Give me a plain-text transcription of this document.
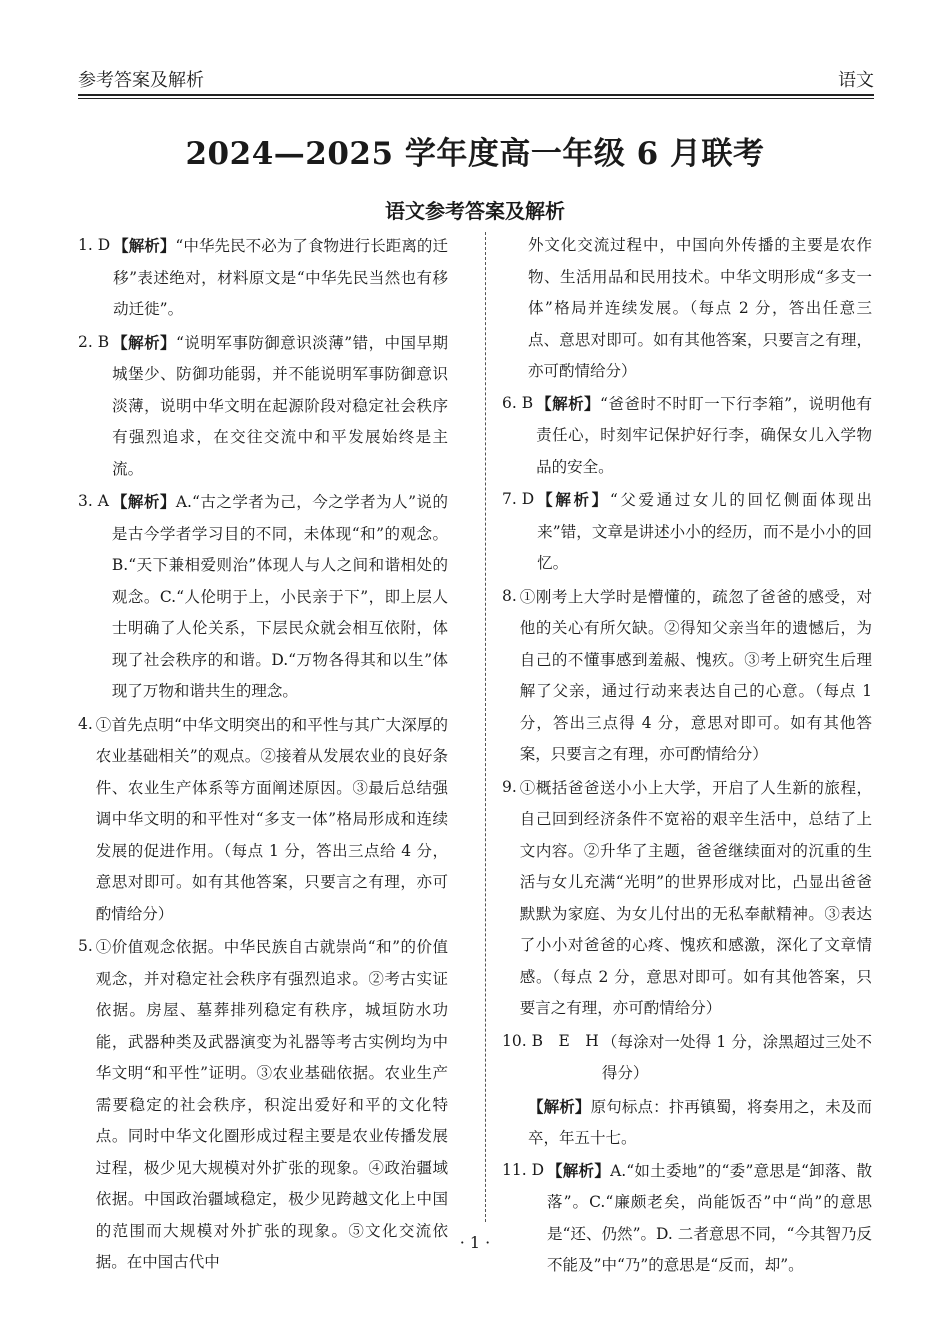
参考答案及解析	语文
2024—2025 学年度高一年级 6 月联考
语文参考答案及解析
1. D 【解析】“中华先民不必为了食物进行长距离的迁移”表述绝对，材料原文是“中华先民当然也有移动迁徙”。
2. B 【解析】“说明军事防御意识淡薄”错，中国早期城堡少、防御功能弱，并不能说明军事防御意识淡薄，说明中华文明在起源阶段对稳定社会秩序有强烈追求，在交往交流中和平发展始终是主流。
3. A 【解析】A.“古之学者为己，今之学者为人”说的是古今学者学习目的不同，未体现“和”的观念。B.“天下兼相爱则治”体现人与人之间和谐相处的观念。C.“人伦明于上，小民亲于下”，即上层人士明确了人伦关系，下层民众就会相互依附，体现了社会秩序的和谐。D.“万物各得其和以生”体现了万物和谐共生的理念。
4. ①首先点明“中华文明突出的和平性与其广大深厚的农业基础相关”的观点。②接着从发展农业的良好条件、农业生产体系等方面阐述原因。③最后总结强调中华文明的和平性对“多支一体”格局形成和连续发展的促进作用。（每点 1 分，答出三点给 4 分，意思对即可。如有其他答案，只要言之有理，亦可酌情给分）
5. ①价值观念依据。中华民族自古就崇尚“和”的价值观念，并对稳定社会秩序有强烈追求。②考古实证依据。房屋、墓葬排列稳定有秩序，城垣防水功能，武器种类及武器演变为礼器等考古实例均为中华文明“和平性”证明。③农业基础依据。农业生产需要稳定的社会秩序，积淀出爱好和平的文化特点。同时中华文化圈形成过程主要是农业传播发展过程，极少见大规模对外扩张的现象。④政治疆域依据。中国政治疆域稳定，极少见跨越文化上中国的范围而大规模对外扩张的现象。⑤文化交流依据。在中国古代中
外文化交流过程中，中国向外传播的主要是农作物、生活用品和民用技术。中华文明形成“多支一体”格局并连续发展。（每点 2 分，答出任意三点、意思对即可。如有其他答案，只要言之有理，亦可酌情给分）
6. B 【解析】“爸爸时不时盯一下行李箱”，说明他有责任心，时刻牢记保护好行李，确保女儿入学物品的安全。
7. D 【解析】“父爱通过女儿的回忆侧面体现出来”错，文章是讲述小小的经历，而不是小小的回忆。
8. ①刚考上大学时是懵懂的，疏忽了爸爸的感受，对他的关心有所欠缺。②得知父亲当年的遗憾后，为自己的不懂事感到羞赧、愧疚。③考上研究生后理解了父亲，通过行动来表达自己的心意。（每点 1 分，答出三点得 4 分，意思对即可。如有其他答案，只要言之有理，亦可酌情给分）
9. ①概括爸爸送小小上大学，开启了人生新的旅程，自己回到经济条件不宽裕的艰辛生活中，总结了上文内容。②升华了主题，爸爸继续面对的沉重的生活与女儿充满“光明”的世界形成对比，凸显出爸爸默默为家庭、为女儿付出的无私奉献精神。③表达了小小对爸爸的心疼、愧疚和感激，深化了文章情感。（每点 2 分，意思对即可。如有其他答案，只要言之有理，亦可酌情给分）
10. B　E　H （每涂对一处得 1 分，涂黑超过三处不得分）
【解析】原句标点：抃再镇蜀，将奏用之，未及而卒，年五十七。
11. D 【解析】A.“如土委地”的“委”意思是“卸落、散落”。C.“廉颇老矣，尚能饭否”中“尚”的意思是“还、仍然”。D. 二者意思不同，“今其智乃反不能及”中“乃”的意思是“反而，却”。
· 1 ·
